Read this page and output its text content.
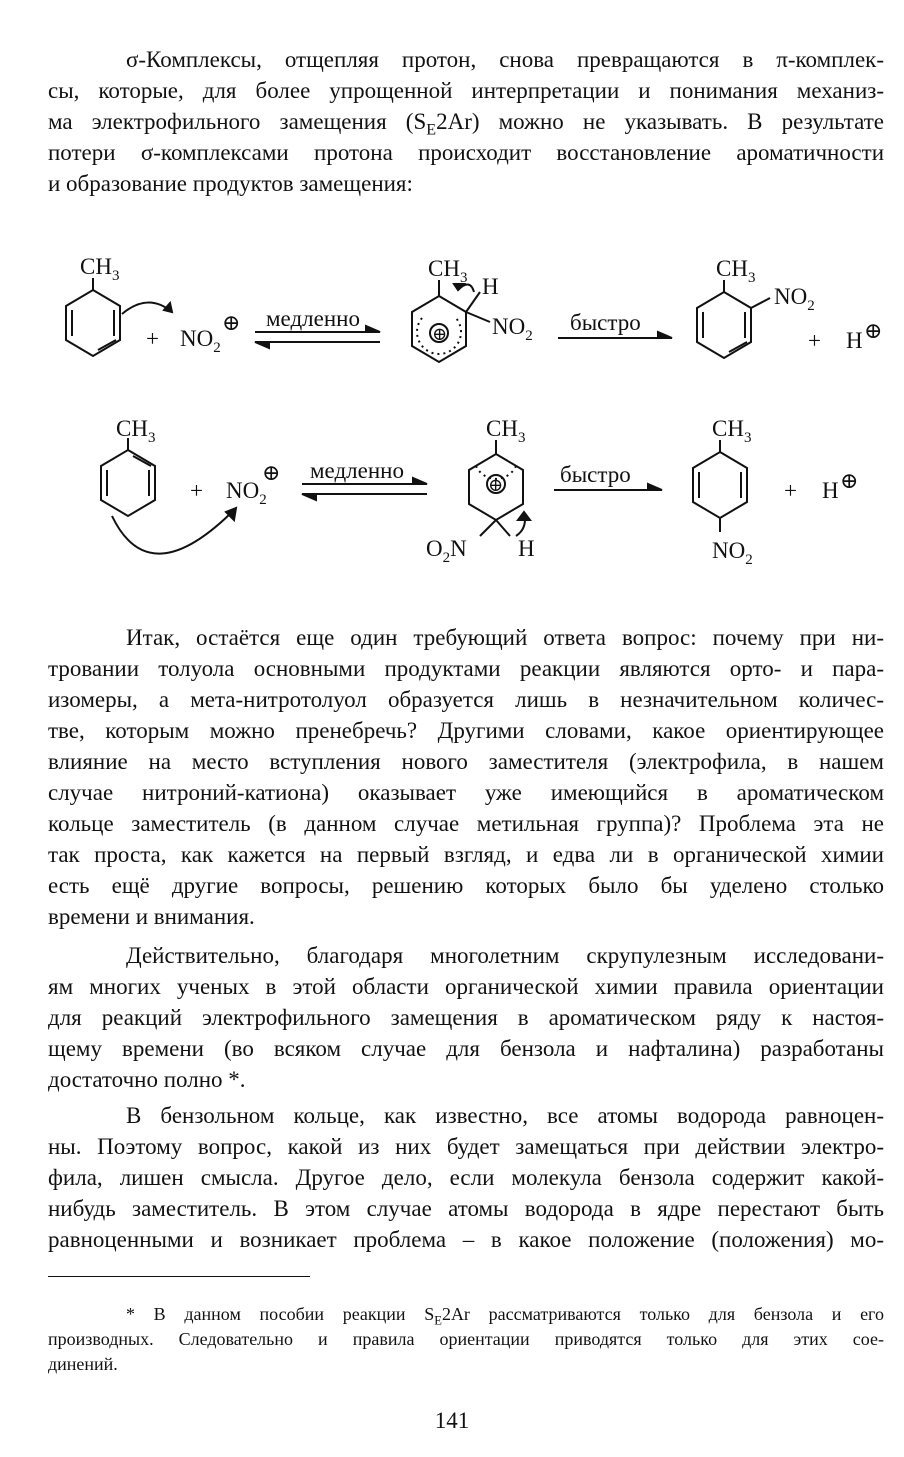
σ-Комплексы, отщепляя протон, снова превращаются в π-комплек-
сы, которые, для более упрощенной интерпретации и понимания механиз-
ма электрофильного замещения $(S_E2Ar)$ можно не указывать. В результате
потери σ-комплексами протона происходит восстановление ароматичности
и образование продуктов замещения:
$CH_3$
+ $NO_2$
⊕ медленно
$CH_3$ H
$NO_2$
⊕	быстро
$CH_3$
$NO_2$
+ H ⊕
$CH_3$
+ $NO_2$
⊕ медленно
$CH_3$
⊕
$O_2N$ H
быстро
$CH_3$
$NO_2$
+ H ⊕
Итак, остаётся еще один требующий ответа вопрос: почему при ни-
тровании толуола основными продуктами реакции являются орто- и пара-
изомеры, а мета-нитротолуол образуется лишь в незначительном количес-
тве, которым можно пренебречь? Другими словами, какое ориентирующее
влияние на место вступления нового заместителя (электрофила, в нашем
случае нитроний-катиона) оказывает уже имеющийся в ароматическом
кольце заместитель (в данном случае метильная группа)? Проблема эта не
так проста, как кажется на первый взгляд, и едва ли в органической химии
есть ещё другие вопросы, решению которых было бы уделено столько
времени и внимания.
Действительно, благодаря многолетним скрупулезным исследовани-
ям многих ученых в этой области органической химии правила ориентации
для реакций электрофильного замещения в ароматическом ряду к настоя-
щему времени (во всяком случае для бензола и нафталина) разработаны
достаточно полно *.
В бензольном кольце, как известно, все атомы водорода равноцен-
ны. Поэтому вопрос, какой из них будет замещаться при действии электро-
фила, лишен смысла. Другое дело, если молекула бензола содержит какой-
нибудь заместитель. В этом случае атомы водорода в ядре перестают быть
равноценными и возникает проблема – в какое положение (положения) мо-
* В данном пособии реакции $S_E2Ar$ рассматриваются только для бензола и его
производных. Следовательно и правила ориентации приводятся только для этих сое-
динений.
141
